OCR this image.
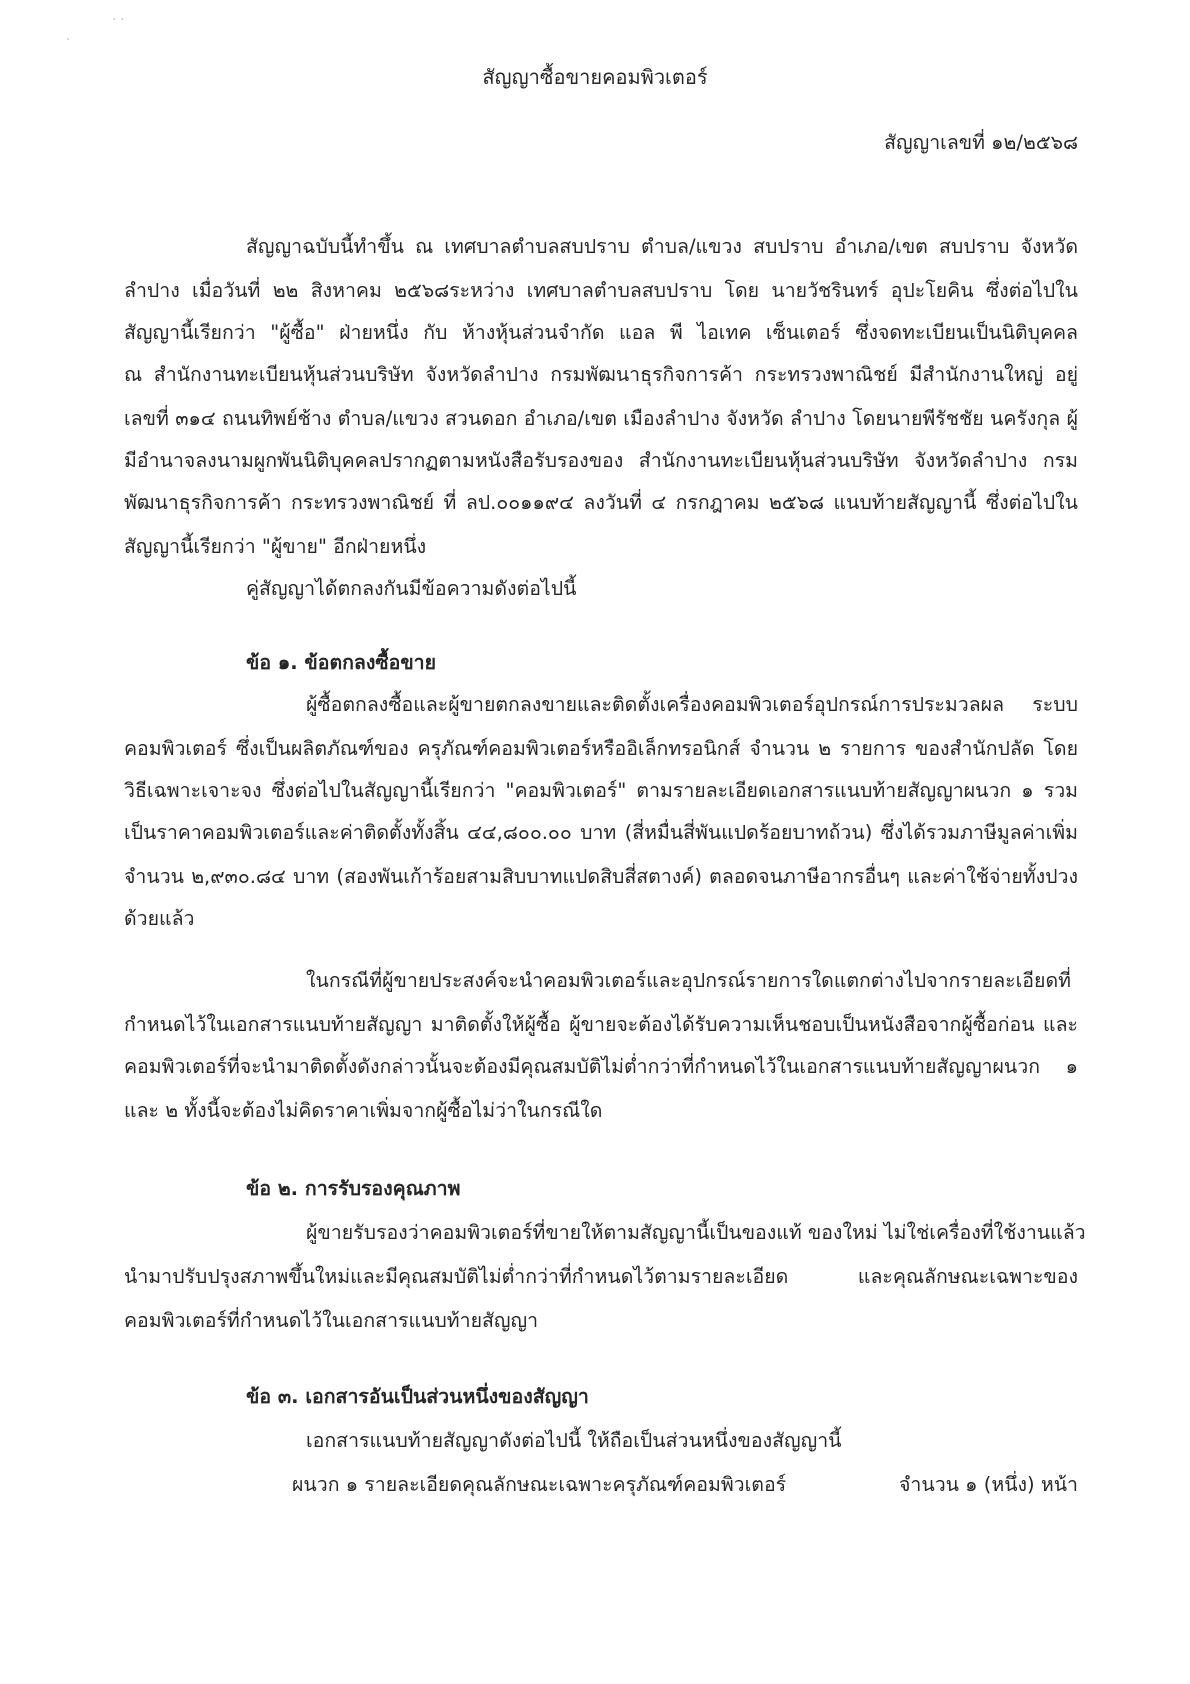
` `
`
สัญญาซื้อขายคอมพิวเตอร์
สัญญาเลขที่ ๑๒/๒๕๖๘
สัญญาฉบับนี้ทำขึ้น ณ เทศบาลตำบลสบปราบ ตำบล/แขวง สบปราบ อำเภอ/เขต สบปราบ จังหวัด
ลำปาง เมื่อวันที่ ๒๒ สิงหาคม ๒๕๖๘ระหว่าง เทศบาลตำบลสบปราบ โดย นายวัชรินทร์ อุปะโยคิน ซึ่งต่อไปใน
สัญญานี้เรียกว่า "ผู้ซื้อ" ฝ่ายหนึ่ง กับ ห้างหุ้นส่วนจำกัด แอล พี ไอเทค เซ็นเตอร์ ซึ่งจดทะเบียนเป็นนิติบุคคล
ณ สำนักงานทะเบียนหุ้นส่วนบริษัท จังหวัดลำปาง กรมพัฒนาธุรกิจการค้า กระทรวงพาณิชย์ มีสำนักงานใหญ่ อยู่
เลขที่ ๓๑๔ ถนนทิพย์ช้าง ตำบล/แขวง สวนดอก อำเภอ/เขต เมืองลำปาง จังหวัด ลำปาง โดยนายพีรัชชัย นครังกุล ผู้
มีอำนาจลงนามผูกพันนิติบุคคลปรากฏตามหนังสือรับรองของ สำนักงานทะเบียนหุ้นส่วนบริษัท จังหวัดลำปาง กรม
พัฒนาธุรกิจการค้า กระทรวงพาณิชย์ ที่ ลป.๐๐๑๑๙๔ ลงวันที่ ๔ กรกฎาคม ๒๕๖๘ แนบท้ายสัญญานี้ ซึ่งต่อไปใน
สัญญานี้เรียกว่า "ผู้ขาย" อีกฝ่ายหนึ่ง
คู่สัญญาได้ตกลงกันมีข้อความดังต่อไปนี้
ข้อ ๑. ข้อตกลงซื้อขาย
ผู้ซื้อตกลงซื้อและผู้ขายตกลงขายและติดตั้งเครื่องคอมพิวเตอร์อุปกรณ์การประมวลผล ระบบ
คอมพิวเตอร์ ซึ่งเป็นผลิตภัณฑ์ของ ครุภัณฑ์คอมพิวเตอร์หรืออิเล็กทรอนิกส์ จำนวน ๒ รายการ ของสำนักปลัด โดย
วิธีเฉพาะเจาะจง ซึ่งต่อไปในสัญญานี้เรียกว่า "คอมพิวเตอร์" ตามรายละเอียดเอกสารแนบท้ายสัญญาผนวก ๑ รวม
เป็นราคาคอมพิวเตอร์และค่าติดตั้งทั้งสิ้น ๔๔,๘๐๐.๐๐ บาท (สี่หมื่นสี่พันแปดร้อยบาทถ้วน) ซึ่งได้รวมภาษีมูลค่าเพิ่ม
จำนวน ๒,๙๓๐.๘๔ บาท (สองพันเก้าร้อยสามสิบบาทแปดสิบสี่สตางค์) ตลอดจนภาษีอากรอื่นๆ และค่าใช้จ่ายทั้งปวง
ด้วยแล้ว
ในกรณีที่ผู้ขายประสงค์จะนำคอมพิวเตอร์และอุปกรณ์รายการใดแตกต่างไปจากรายละเอียดที่
กำหนดไว้ในเอกสารแนบท้ายสัญญา มาติดตั้งให้ผู้ซื้อ ผู้ขายจะต้องได้รับความเห็นชอบเป็นหนังสือจากผู้ซื้อก่อน และ
คอมพิวเตอร์ที่จะนำมาติดตั้งดังกล่าวนั้นจะต้องมีคุณสมบัติไม่ต่ำกว่าที่กำหนดไว้ในเอกสารแนบท้ายสัญญาผนวก ๑
และ ๒ ทั้งนี้จะต้องไม่คิดราคาเพิ่มจากผู้ซื้อไม่ว่าในกรณีใด
ข้อ ๒. การรับรองคุณภาพ
ผู้ขายรับรองว่าคอมพิวเตอร์ที่ขายให้ตามสัญญานี้เป็นของแท้ ของใหม่ ไม่ใช่เครื่องที่ใช้งานแล้ว
นำมาปรับปรุงสภาพขึ้นใหม่และมีคุณสมบัติไม่ต่ำกว่าที่กำหนดไว้ตามรายละเอียด และคุณลักษณะเฉพาะของ
คอมพิวเตอร์ที่กำหนดไว้ในเอกสารแนบท้ายสัญญา
ข้อ ๓. เอกสารอันเป็นส่วนหนึ่งของสัญญา
เอกสารแนบท้ายสัญญาดังต่อไปนี้ ให้ถือเป็นส่วนหนึ่งของสัญญานี้
ผนวก ๑ รายละเอียดคุณลักษณะเฉพาะครุภัณฑ์คอมพิวเตอร์	จำนวน ๑ (หนึ่ง) หน้า
